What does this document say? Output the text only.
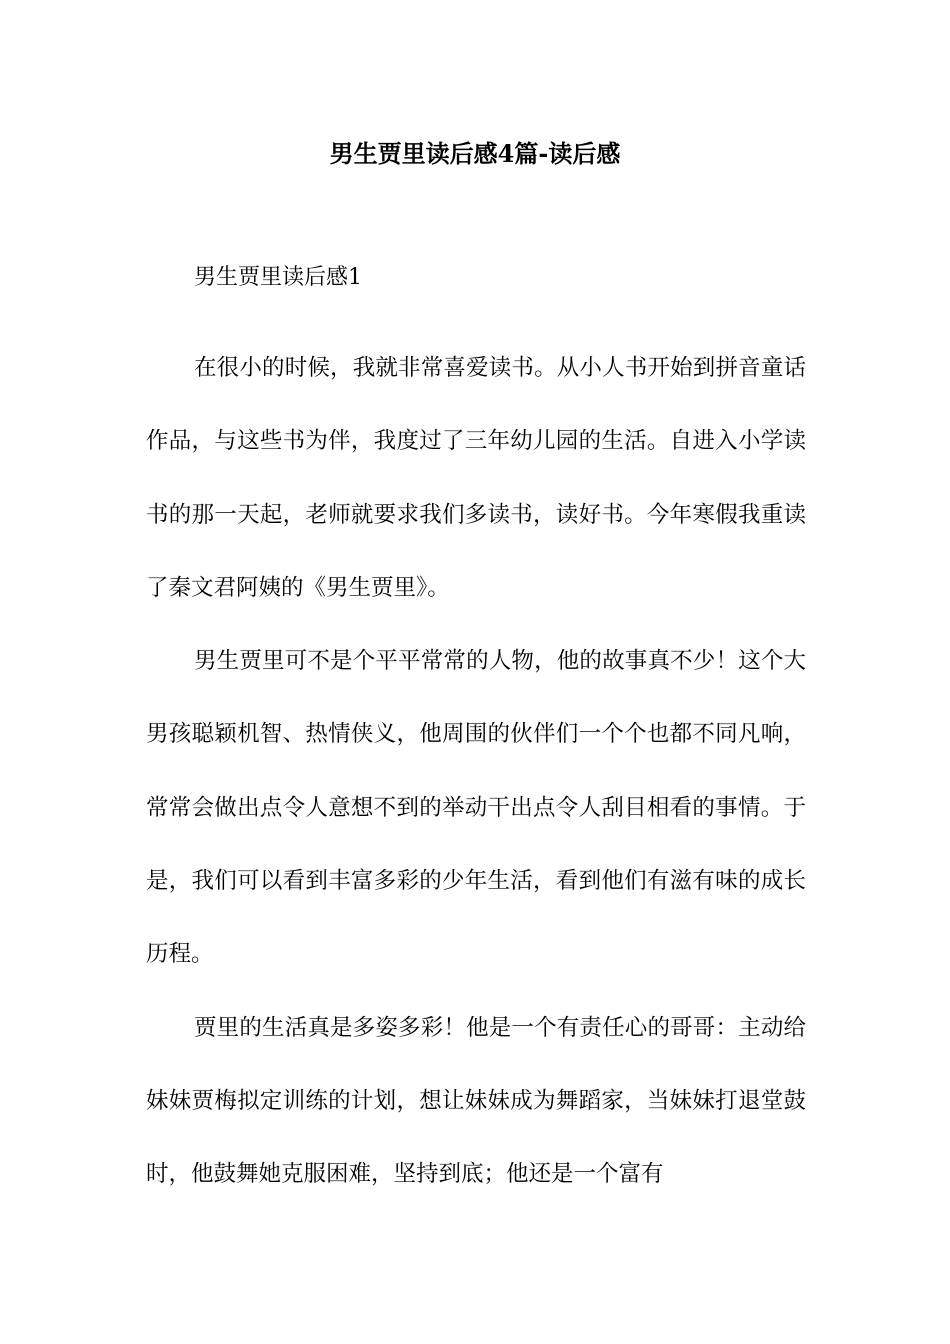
男生贾里读后感4篇-读后感
男生贾里读后感1

在很小的时候，我就非常喜爱读书。从小人书开始到拼音童话作品，与这些书为伴，我度过了三年幼儿园的生活。自进入小学读书的那一天起，老师就要求我们多读书，读好书。今年寒假我重读了秦文君阿姨的《男生贾里》。

男生贾里可不是个平平常常的人物，他的故事真不少！这个大男孩聪颖机智、热情侠义，他周围的伙伴们一个个也都不同凡响，常常会做出点令人意想不到的举动干出点令人刮目相看的事情。于是，我们可以看到丰富多彩的少年生活，看到他们有滋有味的成长历程。

贾里的生活真是多姿多彩！他是一个有责任心的哥哥：主动给妹妹贾梅拟定训练的计划，想让妹妹成为舞蹈家，当妹妹打退堂鼓时，他鼓舞她克服困难，坚持到底；他还是一个富有
